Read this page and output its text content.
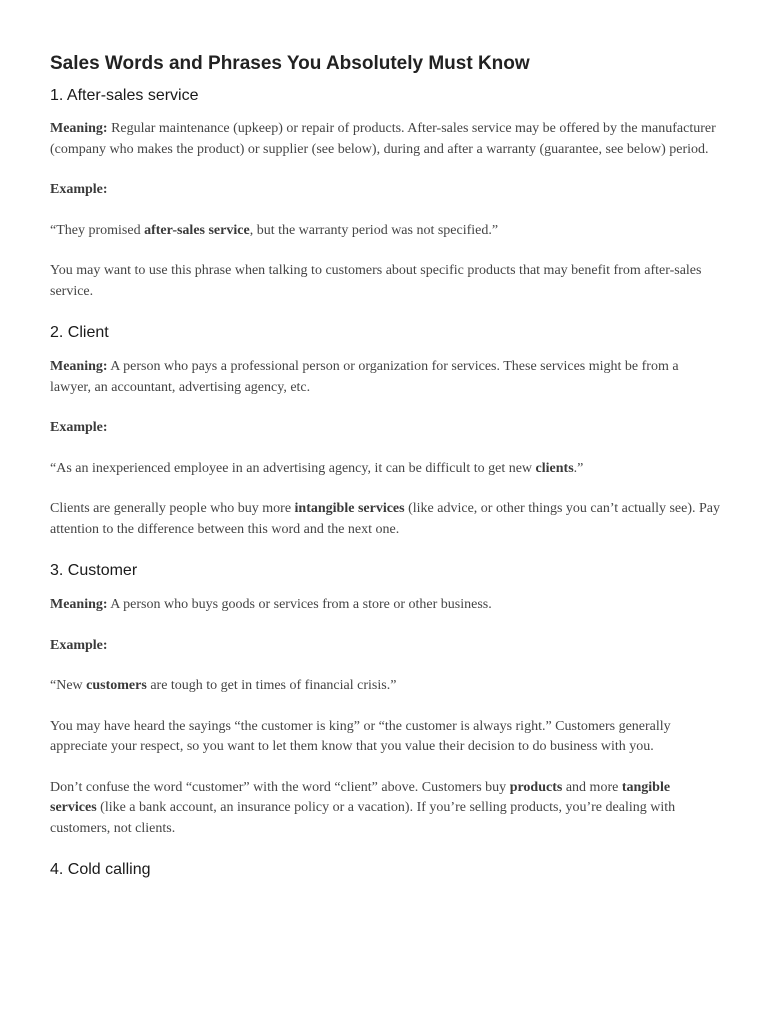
Sales Words and Phrases You Absolutely Must Know
1. After-sales service

Meaning: Regular maintenance (upkeep) or repair of products. After-sales service may be offered by the manufacturer (company who makes the product) or supplier (see below), during and after a warranty (guarantee, see below) period.

Example:

“They promised after-sales service, but the warranty period was not specified.”

You may want to use this phrase when talking to customers about specific products that may benefit from after-sales service.

2. Client

Meaning: A person who pays a professional person or organization for services. These services might be from a lawyer, an accountant, advertising agency, etc.

Example:

“As an inexperienced employee in an advertising agency, it can be difficult to get new clients.”

Clients are generally people who buy more intangible services (like advice, or other things you can’t actually see). Pay attention to the difference between this word and the next one.

3. Customer

Meaning: A person who buys goods or services from a store or other business.

Example:

“New customers are tough to get in times of financial crisis.”

You may have heard the sayings “the customer is king” or “the customer is always right.” Customers generally appreciate your respect, so you want to let them know that you value their decision to do business with you.

Don’t confuse the word “customer” with the word “client” above. Customers buy products and more tangible services (like a bank account, an insurance policy or a vacation). If you’re selling products, you’re dealing with customers, not clients.

4. Cold calling
